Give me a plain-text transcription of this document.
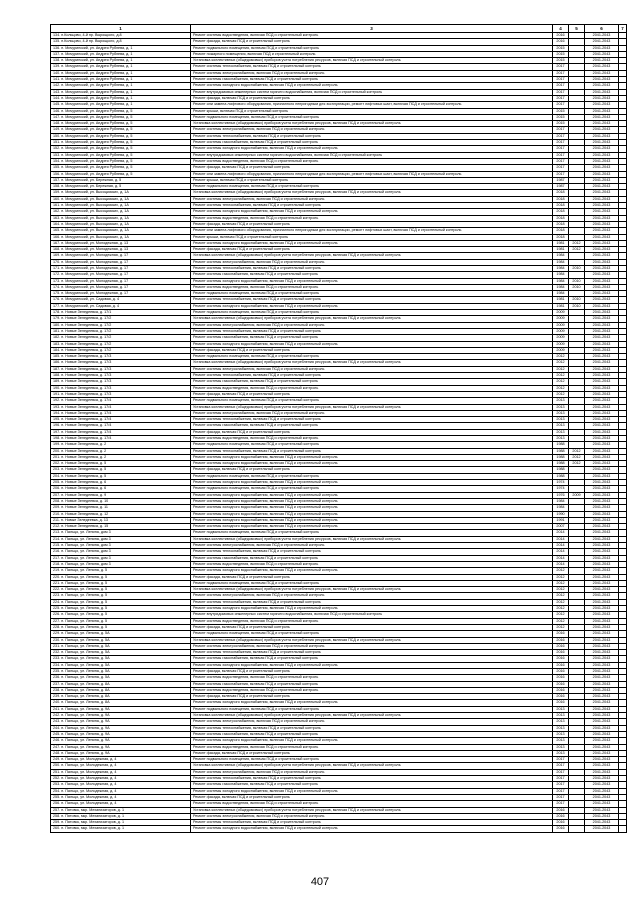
1	3	4	5	6	7
134. п.Кольцово, 4-й пр. Вырощкого, д.8	Ремонт системы водоотведения, включая ПСД и строительный контроль	2016		2041-2043	
135. п.Кольцово, 4-й пр. Вырощкого, д.8	Ремонт фасада, включая ПСД и строительный контроль	2016		2041-2043	
136. п. Мичуринский, ул. Андрея Рублева, д. 1	Ремонт подвального помещения, включая ПСД и строительный контроль	2015		2041-2043	
137. п. Мичуринский, ул. Андрея Рублева, д. 1	Ремонт пожарного помещения, включая ПСД и строительный контроль	2015		2041-2043	
138. п. Мичуринский, ул. Андрея Рублева, д. 1	Установка коллективных (общедомовых) приборов учета потребления ресурсов, включая ПСД и строительный контроль	2015		2041-2043	
139. п. Мичуринский, ул. Андрея Рублева, д. 1	Ремонт системы теплоснабжения, включая ПСД и строительный контроль	2017		2041-2043	
140. п. Мичуринский, ул. Андрея Рублева, д. 1	Ремонт системы электроснабжения, включая ПСД и строительный контроль	2017		2041-2043	
141. п. Мичуринский, ул. Андрея Рублева, д. 1	Ремонт системы газоснабжения, включая ПСД и строительный контроль	2017		2041-2043	
142. п. Мичуринский, ул. Андрея Рублева, д. 1	Ремонт системы холодного водоснабжения, включая ПСД и строительный контроль	2017		2041-2043	
143. п. Мичуринский, ул. Андрея Рублева, д. 1	Ремонт внутридомовых инженерных систем горячего водоснабжения, включая ПСД и строительный контроль	2017		2041-2043	
144. п. Мичуринский, ул. Андрея Рублева, д. 1	Ремонт фасада, включая ПСД и строительный контроль	2017		2041-2043	
145. п. Мичуринский, ул. Андрея Рублева, д. 1	Ремонт или замена лифтового оборудования, признанного непригодным для эксплуатации, ремонт лифтовых шахт, включая ПСД и строительный контроль	2017		2041-2043	
146. п. Мичуринский, ул. Андрея Рублева, д. 5	Ремонт крыши, включая ПСД и строительный контроль	2015		2041-2043	
147. п. Мичуринский, ул. Андрея Рублева, д. 5	Ремонт подвального помещения, включая ПСД и строительный контроль	2015		2041-2043	
148. п. Мичуринский, ул. Андрея Рублева, д. 5	Установка коллективных (общедомовых) приборов учета потребления ресурсов, включая ПСД и строительный контроль	2015		2041-2043	
149. п. Мичуринский, ул. Андрея Рублева, д. 5	Ремонт системы электроснабжения, включая ПСД и строительный контроль	2017		2041-2043	
150. п. Мичуринский, ул. Андрея Рублева, д. 5	Ремонт системы теплоснабжения, включая ПСД и строительный контроль	2017		2041-2043	
151. п. Мичуринский, ул. Андрея Рублева, д. 5	Ремонт системы газоснабжения, включая ПСД и строительный контроль	2017		2041-2043	
152. п. Мичуринский, ул. Андрея Рублева, д. 5	Ремонт системы холодного водоснабжения, включая ПСД и строительный контроль	2017		2041-2043	
153. п. Мичуринский, ул. Андрея Рублева, д. 5	Ремонт внутридомовых инженерных систем горячего водоснабжения, включая ПСД и строительный контроль	2017		2041-2043	
154. п. Мичуринский, ул. Андрея Рублева, д. 5	Ремонт системы водоотведения, включая ПСД и строительный контроль	2017		2041-2043	
155. п. Мичуринский, ул. Андрея Рублева, д. 5	Ремонт фасада, включая ПСД и строительный контроль	2017		2041-2043	
156. п. Мичуринский, ул. Андрея Рублева, д. 5	Ремонт или замена лифтового оборудования, признанного непригодным для эксплуатации, ремонт лифтовых шахт, включая ПСД и строительный контроль	2017		2041-2043	
157. п. Мичуринский, ул. Бережная, д. 5	Ремонт крыши, включая ПСД и строительный контроль	1987		2041-2043	
158. п. Мичуринский, ул. Бережная, д. 5	Ремонт подвального помещения, включая ПСД и строительный контроль	1987		2041-2043	
159. п. Мичуринский, ул. Высоцкиских, д. 1А	Установка коллективных (общедомовых) приборов учета потребления ресурсов, включая ПСД и строительный контроль	2018		2041-2043	
160. п. Мичуринский, ул. Высоцкиских, д. 1А	Ремонт системы электроснабжения, включая ПСД и строительный контроль	2018		2041-2043	
161. п. Мичуринский, ул. Высоцкиских, д. 1А	Ремонт системы теплоснабжения, включая ПСД и строительный контроль	2018		2041-2043	
162. п. Мичуринский, ул. Высоцкиских, д. 1А	Ремонт системы холодного водоснабжения, включая ПСД и строительный контроль	2018		2041-2043	
163. п. Мичуринский, ул. Высоцкиских, д. 1А	Ремонт системы водоотведения, включая ПСД и строительный контроль	2018		2041-2043	
164. п. Мичуринский, ул. Высоцкиских, д. 1А	Ремонт фасада, включая ПСД и строительный контроль	2018		2041-2043	
165. п. Мичуринский, ул. Высоцкиских, д. 1А	Ремонт или замена лифтового оборудования, признанного непригодным для эксплуатации, ремонт лифтовых шахт, включая ПСД и строительный контроль	2018		2041-2043	
166. п. Мичуринский, ул. Высоцкиских, д. 1А	Ремонт крыши, включая ПСД и строительный контроль	2018		2041-2043	
167. п. Мичуринский, ул. Молодежная, д. 13	Ремонт системы холодного водоснабжения, включая ПСД и строительный контроль	1981	2012	2041-2043	
168. п. Мичуринский, ул. Молодежная, д. 13	Ремонт фасада, включая ПСД и строительный контроль	1981	2012	2041-2043	
169. п. Мичуринский, ул. Молодежная, д. 17	Установка коллективных (общедомовых) приборов учета потребления ресурсов, включая ПСД и строительный контроль	1984		2041-2043	
170. п. Мичуринский, ул. Молодежная, д. 17	Ремонт системы электроснабжения, включая ПСД и строительный контроль	1984		2041-2043	
171. п. Мичуринский, ул. Молодежная, д. 17	Ремонт системы теплоснабжения, включая ПСД и строительный контроль	1984	2010	2041-2043	
172. п. Мичуринский, ул. Молодежная, д. 17	Ремонт системы газоснабжения, включая ПСД и строительный контроль	1984		2041-2043	
173. п. Мичуринский, ул. Молодежная, д. 17	Ремонт системы холодного водоснабжения, включая ПСД и строительный контроль	1984	2010	2041-2043	
174. п. Мичуринский, ул. Молодежная, д. 17	Ремонт системы водоотведения, включая ПСД и строительный контроль	1984	2010	2041-2043	
175. п. Мичуринский, ул. Молодежная, д. 17	Ремонт подвального помещения, включая ПСД и строительный контроль	1984		2041-2043	
176. п. Мичуринский, ул. Садовая, д. 4	Ремонт системы теплоснабжения, включая ПСД и строительный контроль	1981	2010	2041-2043	
177. п. Мичуринский, ул. Садовая, д. 4	Ремонт системы холодного водоснабжения, включая ПСД и строительный контроль	1981	2010	2041-2043	
178. п. Новые Зеледеевка, д. 17/1	Ремонт подвального помещения, включая ПСД и строительный контроль	2009		2041-2043	
179. п. Новые Зеледеевка, д. 17/2	Установка коллективных (общедомовых) приборов учета потребления ресурсов, включая ПСД и строительный контроль	2009		2041-2043	
180. п. Новые Зеледеевка, д. 17/2	Ремонт системы электроснабжения, включая ПСД и строительный контроль	2009		2041-2043	
181. п. Новые Зеледеевка, д. 17/2	Ремонт системы теплоснабжения, включая ПСД и строительный контроль	2009		2041-2043	
182. п. Новые Зеледеевка, д. 17/2	Ремонт системы газоснабжения, включая ПСД и строительный контроль	2009		2041-2043	
183. п. Новые Зеледеевка, д. 17/2	Ремонт системы холодного водоснабжения, включая ПСД и строительный контроль	2009		2041-2043	
184. п. Новые Зеледеевка, д. 17/2	Ремонт фасада, включая ПСД и строительный контроль	2009		2041-2043	
185. п. Новые Зеледеевка, д. 17/3	Ремонт подвального помещения, включая ПСД и строительный контроль	2012		2041-2043	
186. п. Новые Зеледеевка, д. 17/3	Установка коллективных (общедомовых) приборов учета потребления ресурсов, включая ПСД и строительный контроль	2012		2041-2043	
187. п. Новые Зеледеевка, д. 17/3	Ремонт системы электроснабжения, включая ПСД и строительный контроль	2012		2041-2043	
188. п. Новые Зеледеевка, д. 17/3	Ремонт системы теплоснабжения, включая ПСД и строительный контроль	2012		2041-2043	
189. п. Новые Зеледеевка, д. 17/3	Ремонт системы газоснабжения, включая ПСД и строительный контроль	2012		2041-2043	
190. п. Новые Зеледеевка, д. 17/3	Ремонт системы водоотведения, включая ПСД и строительный контроль	2012		2041-2043	
191. п. Новые Зеледеевка, д. 17/3	Ремонт фасада, включая ПСД и строительный контроль	2012		2041-2043	
192. п. Новые Зеледеевка, д. 17/4	Ремонт подвального помещения, включая ПСД и строительный контроль	2013		2041-2043	
193. п. Новые Зеледеевка, д. 17/4	Установка коллективных (общедомовых) приборов учета потребления ресурсов, включая ПСД и строительный контроль	2013		2041-2043	
194. п. Новые Зеледеевка, д. 17/4	Ремонт системы электроснабжения, включая ПСД и строительный контроль	2013		2041-2043	
195. п. Новые Зеледеевка, д. 17/4	Ремонт системы теплоснабжения, включая ПСД и строительный контроль	2013		2041-2043	
196. п. Новые Зеледеевка, д. 17/4	Ремонт системы газоснабжения, включая ПСД и строительный контроль	2013		2041-2043	
197. п. Новые Зеледеевка, д. 17/4	Ремонт фасада, включая ПСД и строительный контроль	2013		2041-2043	
198. п. Новые Зеледеевка, д. 17/4	Ремонт системы водоотведения, включая ПСД и строительный контроль	2013		2041-2043	
199. п. Новые Зеледеевка, д. 2	Ремонт подвального помещения, включая ПСД и строительный контроль	1988		2041-2043	
200. п. Новые Зеледеевка, д. 2	Ремонт системы теплоснабжения, включая ПСД и строительный контроль	1988	2012	2041-2043	
201. п. Новые Зеледеевка, д. 2	Ремонт системы холодного водоснабжения, включая ПСД и строительный контроль	1988	2012	2041-2043	
202. п. Новые Зеледеевка, д. 5	Ремонт системы холодного водоснабжения, включая ПСД и строительный контроль	1988	2012	2041-2043	
203. п. Новые Зеледеевка, д. 5	Ремонт фасада, включая ПСД и строительный контроль	1988		2041-2043	
204. п. Новые Зеледеевка, д. 5	Ремонт подвального помещения, включая ПСД и строительный контроль	1988		2041-2043	
205. п. Новые Зеледеевка, д. 6	Ремонт системы холодного водоснабжения, включая ПСД и строительный контроль	1974		2041-2043	
206. п. Новые Зеледеевка, д. 6	Ремонт подвального помещения, включая ПСД и строительный контроль	1974		2041-2043	
207. п. Новые Зеледеевка, д. 9	Ремонт системы холодного водоснабжения, включая ПСД и строительный контроль	1976	2009	2041-2043	
208. п. Новые Зеледеевка, д. 10	Ремонт системы холодного водоснабжения, включая ПСД и строительный контроль	1984		2041-2043	
209. п. Новые Зеледеевка, д. 11	Ремонт системы холодного водоснабжения, включая ПСД и строительный контроль	1984		2041-2043	
210. п. Новые Зеледеевка, д. 12	Ремонт системы холодного водоснабжения, включая ПСД и строительный контроль	1990		2041-2043	
211. п. Новые Зеледеевка, д. 13	Ремонт системы холодного водоснабжения, включая ПСД и строительный контроль	1991		2041-2043	
212. п. Новые Зеледеевка, д. 15	Ремонт системы холодного водоснабжения, включая ПСД и строительный контроль	2007		2041-2043	
213. п. Пальцо, ул. Ленина, дом 3	Ремонт подвального помещения, включая ПСД и строительный контроль	2014		2041-2043	
214. п. Пальцо, ул. Ленина, дом 3	Установка коллективных (общедомовых) приборов учета потребления ресурсов, включая ПСД и строительный контроль	2014		2041-2043	
215. п. Пальцо, ул. Ленина, дом 3	Ремонт системы электроснабжения, включая ПСД и строительный контроль	2014		2041-2043	
216. п. Пальцо, ул. Ленина, дом 3	Ремонт системы теплоснабжения, включая ПСД и строительный контроль	2014		2041-2043	
217. п. Пальцо, ул. Ленина, дом 3	Ремонт системы газоснабжения, включая ПСД и строительный контроль	2014		2041-2043	
218. п. Пальцо, ул. Ленина, дом 3	Ремонт системы водоотведения, включая ПСД и строительный контроль	2014		2041-2043	
219. п. Пальцо, ул. Ленина, д. 5	Ремонт системы холодного водоснабжения, включая ПСД и строительный контроль	2012		2041-2043	
220. п. Пальцо, ул. Ленина, д. 5	Ремонт фасада, включая ПСД и строительный контроль	2012		2041-2043	
221. п. Пальцо, ул. Ленина, д. 5	Ремонт подвального помещения, включая ПСД и строительный контроль	2012		2041-2043	
222. п. Пальцо, ул. Ленина, д. 5	Установка коллективных (общедомовых) приборов учета потребления ресурсов, включая ПСД и строительный контроль	2012		2041-2043	
223. п. Пальцо, ул. Ленина, д. 5	Ремонт системы электроснабжения, включая ПСД и строительный контроль	2012		2041-2043	
224. п. Пальцо, ул. Ленина, д. 5	Ремонт системы теплоснабжения, включая ПСД и строительный контроль	2012		2041-2043	
225. п. Пальцо, ул. Ленина, д. 5	Ремонт системы холодного водоснабжения, включая ПСД и строительный контроль	2012		2041-2043	
226. п. Пальцо, ул. Ленина, д. 5	Ремонт внутридомовых инженерных систем горячего водоснабжения, включая ПСД и строительный контроль	2012		2041-2043	
227. п. Пальцо, ул. Ленина, д. 5	Ремонт системы водоотведения, включая ПСД и строительный контроль	2012		2041-2043	
228. п. Пальцо, ул. Ленина, д. 5	Ремонт фасада, включая ПСД и строительный контроль	2012		2041-2043	
229. п. Пальцо, ул. Ленина, д. 5А	Ремонт подвального помещения, включая ПСД и строительный контроль	2016		2041-2043	
230. п. Пальцо, ул. Ленина, д. 5А	Установка коллективных (общедомовых) приборов учета потребления ресурсов, включая ПСД и строительный контроль	2016		2041-2043	
231. п. Пальцо, ул. Ленина, д. 5А	Ремонт системы электроснабжения, включая ПСД и строительный контроль	2016		2041-2043	
232. п. Пальцо, ул. Ленина, д. 5А	Ремонт системы теплоснабжения, включая ПСД и строительный контроль	2016		2041-2043	
233. п. Пальцо, ул. Ленина, д. 5А	Ремонт системы газоснабжения, включая ПСД и строительный контроль	2016		2041-2043	
234. п. Пальцо, ул. Ленина, д. 5А	Ремонт системы холодного водоснабжения, включая ПСД и строительный контроль	2016		2041-2043	
235. п. Пальцо, ул. Ленина, д. 5А	Ремонт фасада, включая ПСД и строительный контроль	2016		2041-2043	
236. п. Пальцо, ул. Ленина, д. 5А	Ремонт системы водоотведения, включая ПСД и строительный контроль	2016		2041-2043	
237. п. Пальцо, ул. Ленина, д. 8А	Ремонт системы газоснабжения, включая ПСД и строительный контроль	2016		2041-2043	
238. п. Пальцо, ул. Ленина, д. 8А	Ремонт системы водоотведения, включая ПСД и строительный контроль	2016		2041-2043	
239. п. Пальцо, ул. Ленина, д. 8А	Ремонт фасада, включая ПСД и строительный контроль	2016		2041-2043	
240. п. Пальцо, ул. Ленина, д. 8А	Ремонт системы холодного водоснабжения, включая ПСД и строительный контроль	2016		2041-2043	
241. п. Пальцо, ул. Ленина, д. 9А	Ремонт подвального помещения, включая ПСД и строительный контроль	2013		2041-2043	
242. п. Пальцо, ул. Ленина, д. 9А	Установка коллективных (общедомовых) приборов учета потребления ресурсов, включая ПСД и строительный контроль	2013		2041-2043	
243. п. Пальцо, ул. Ленина, д. 9А	Ремонт системы электроснабжения, включая ПСД и строительный контроль	2013		2041-2043	
244. п. Пальцо, ул. Ленина, д. 9А	Ремонт системы теплоснабжения, включая ПСД и строительный контроль	2013		2041-2043	
245. п. Пальцо, ул. Ленина, д. 9А	Ремонт системы газоснабжения, включая ПСД и строительный контроль	2013		2041-2043	
246. п. Пальцо, ул. Ленина, д. 9А	Ремонт системы холодного водоснабжения, включая ПСД и строительный контроль	2013		2041-2043	
247. п. Пальцо, ул. Ленина, д. 9А	Ремонт системы водоотведения, включая ПСД и строительный контроль	2013		2041-2043	
248. п. Пальцо, ул. Ленина, д. 9А	Ремонт фасада, включая ПСД и строительный контроль	2013		2041-2043	
249. п. Пальцо, ул. Молодежная, д. 4	Ремонт подвального помещения, включая ПСД и строительный контроль	2017		2041-2043	
250. п. Пальцо, ул. Молодежная, д. 4	Установка коллективных (общедомовых) приборов учета потребления ресурсов, включая ПСД и строительный контроль	2017		2041-2043	
251. п. Пальцо, ул. Молодежная, д. 4	Ремонт системы электроснабжения, включая ПСД и строительный контроль	2017		2041-2043	
252. п. Пальцо, ул. Молодежная, д. 4	Ремонт системы теплоснабжения, включая ПСД и строительный контроль	2017		2041-2043	
253. п. Пальцо, ул. Молодежная, д. 4	Ремонт системы газоснабжения, включая ПСД и строительный контроль	2017		2041-2043	
254. п. Пальцо, ул. Молодежная, д. 4	Ремонт системы холодного водоснабжения, включая ПСД и строительный контроль	2017		2041-2043	
255. п. Пальцо, ул. Молодежная, д. 4	Ремонт фасада, включая ПСД и строительный контроль	2017		2041-2043	
256. п. Пальцо, ул. Молодежная, д. 4	Ремонт системы водоотведения, включая ПСД и строительный контроль	2017		2041-2043	
257. п. Пятовск, мкр. Механизаторов, д. 1	Установка коллективных (общедомовых) приборов учета потребления ресурсов, включая ПСД и строительный контроль	2016		2041-2043	
258. п. Пятовск, мкр. Механизаторов, д. 1	Ремонт системы электроснабжения, включая ПСД и строительный контроль	2016		2041-2043	
259. п. Пятовск, мкр. Механизаторов, д. 1	Ремонт системы теплоснабжения, включая ПСД и строительный контроль	2016		2041-2043	
260. п. Пятовск, мкр. Механизаторов, д. 1	Ремонт системы холодного водоснабжения, включая ПСД и строительный контроль	2016		2041-2043	
407
